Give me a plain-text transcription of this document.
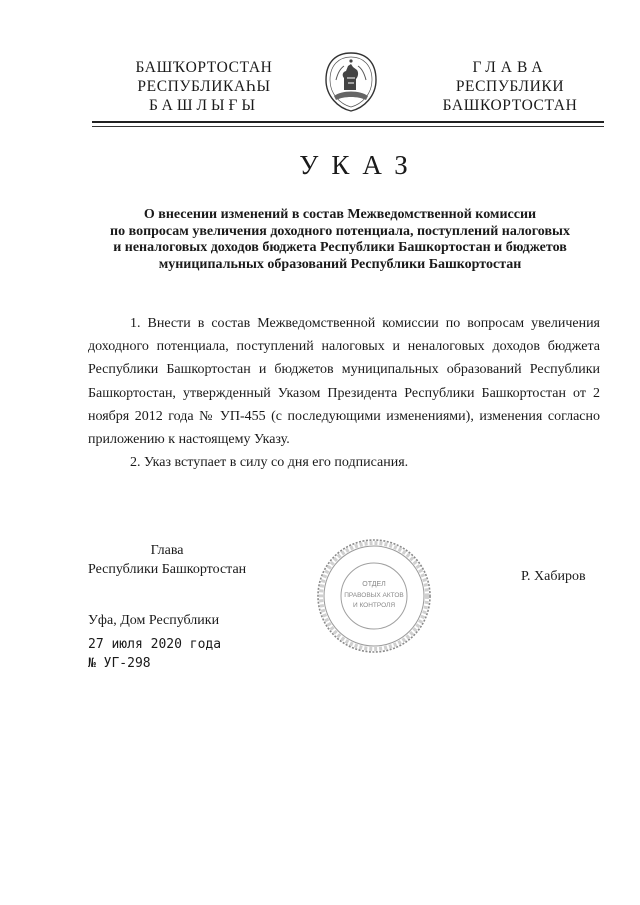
БАШҠОРТОСТАН
РЕСПУБЛИКАҺЫ
БАШЛЫҒЫ
ГЛАВА
РЕСПУБЛИКИ
БАШКОРТОСТАН
УКАЗ
О внесении изменений в состав Межведомственной комиссии
по вопросам увеличения доходного потенциала, поступлений налоговых
и неналоговых доходов бюджета Республики Башкортостан и бюджетов
муниципальных образований Республики Башкортостан

1. Внести в состав Межведомственной комиссии по вопросам увеличения доходного потенциала, поступлений налоговых и неналоговых доходов бюджета Республики Башкортостан и бюджетов муниципальных образований Республики Башкортостан, утвержденный Указом Президента Республики Башкортостан от 2 ноября 2012 года № УП-455 (с последующими изменениями), изменения согласно приложению к настоящему Указу.

2. Указ вступает в силу со дня его подписания.

Глава
Республики Башкортостан
ОТДЕЛ
ПРАВОВЫХ АКТОВ
И КОНТРОЛЯ
Р. Хабиров
Уфа, Дом Республики
27 июля 2020 года
№ УГ-298
